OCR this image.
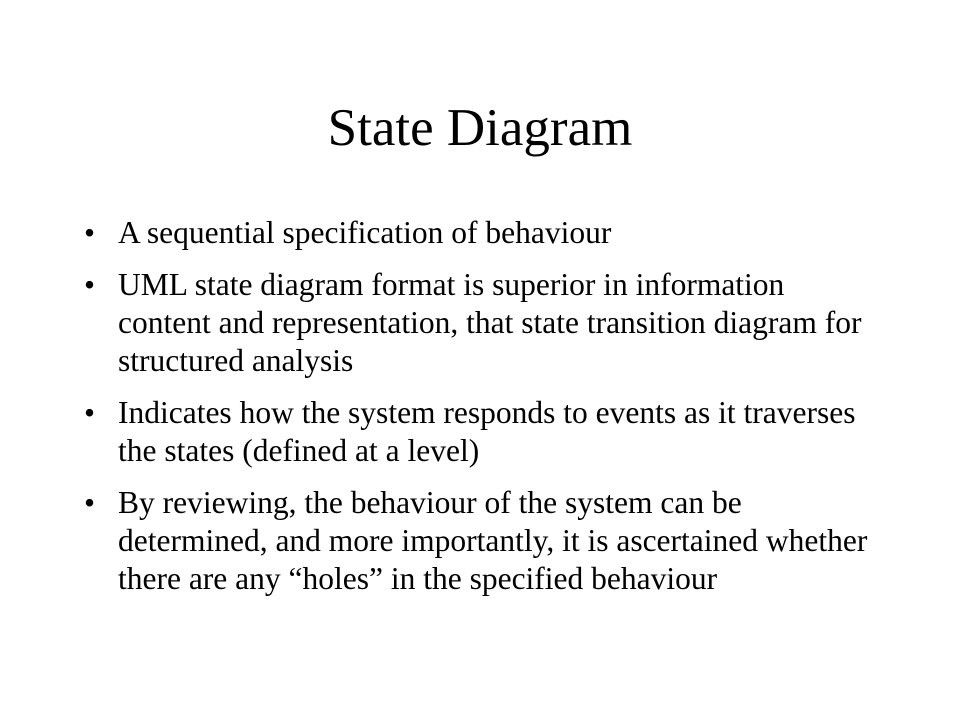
State Diagram
• A sequential specification of behaviour
• UML state diagram format is superior in information content and representation, that state transition diagram for structured analysis
• Indicates how the system responds to events as it traverses the states (defined at a level)
• By reviewing, the behaviour of the system can be determined, and more importantly, it is ascertained whether there are any “holes” in the specified behaviour
